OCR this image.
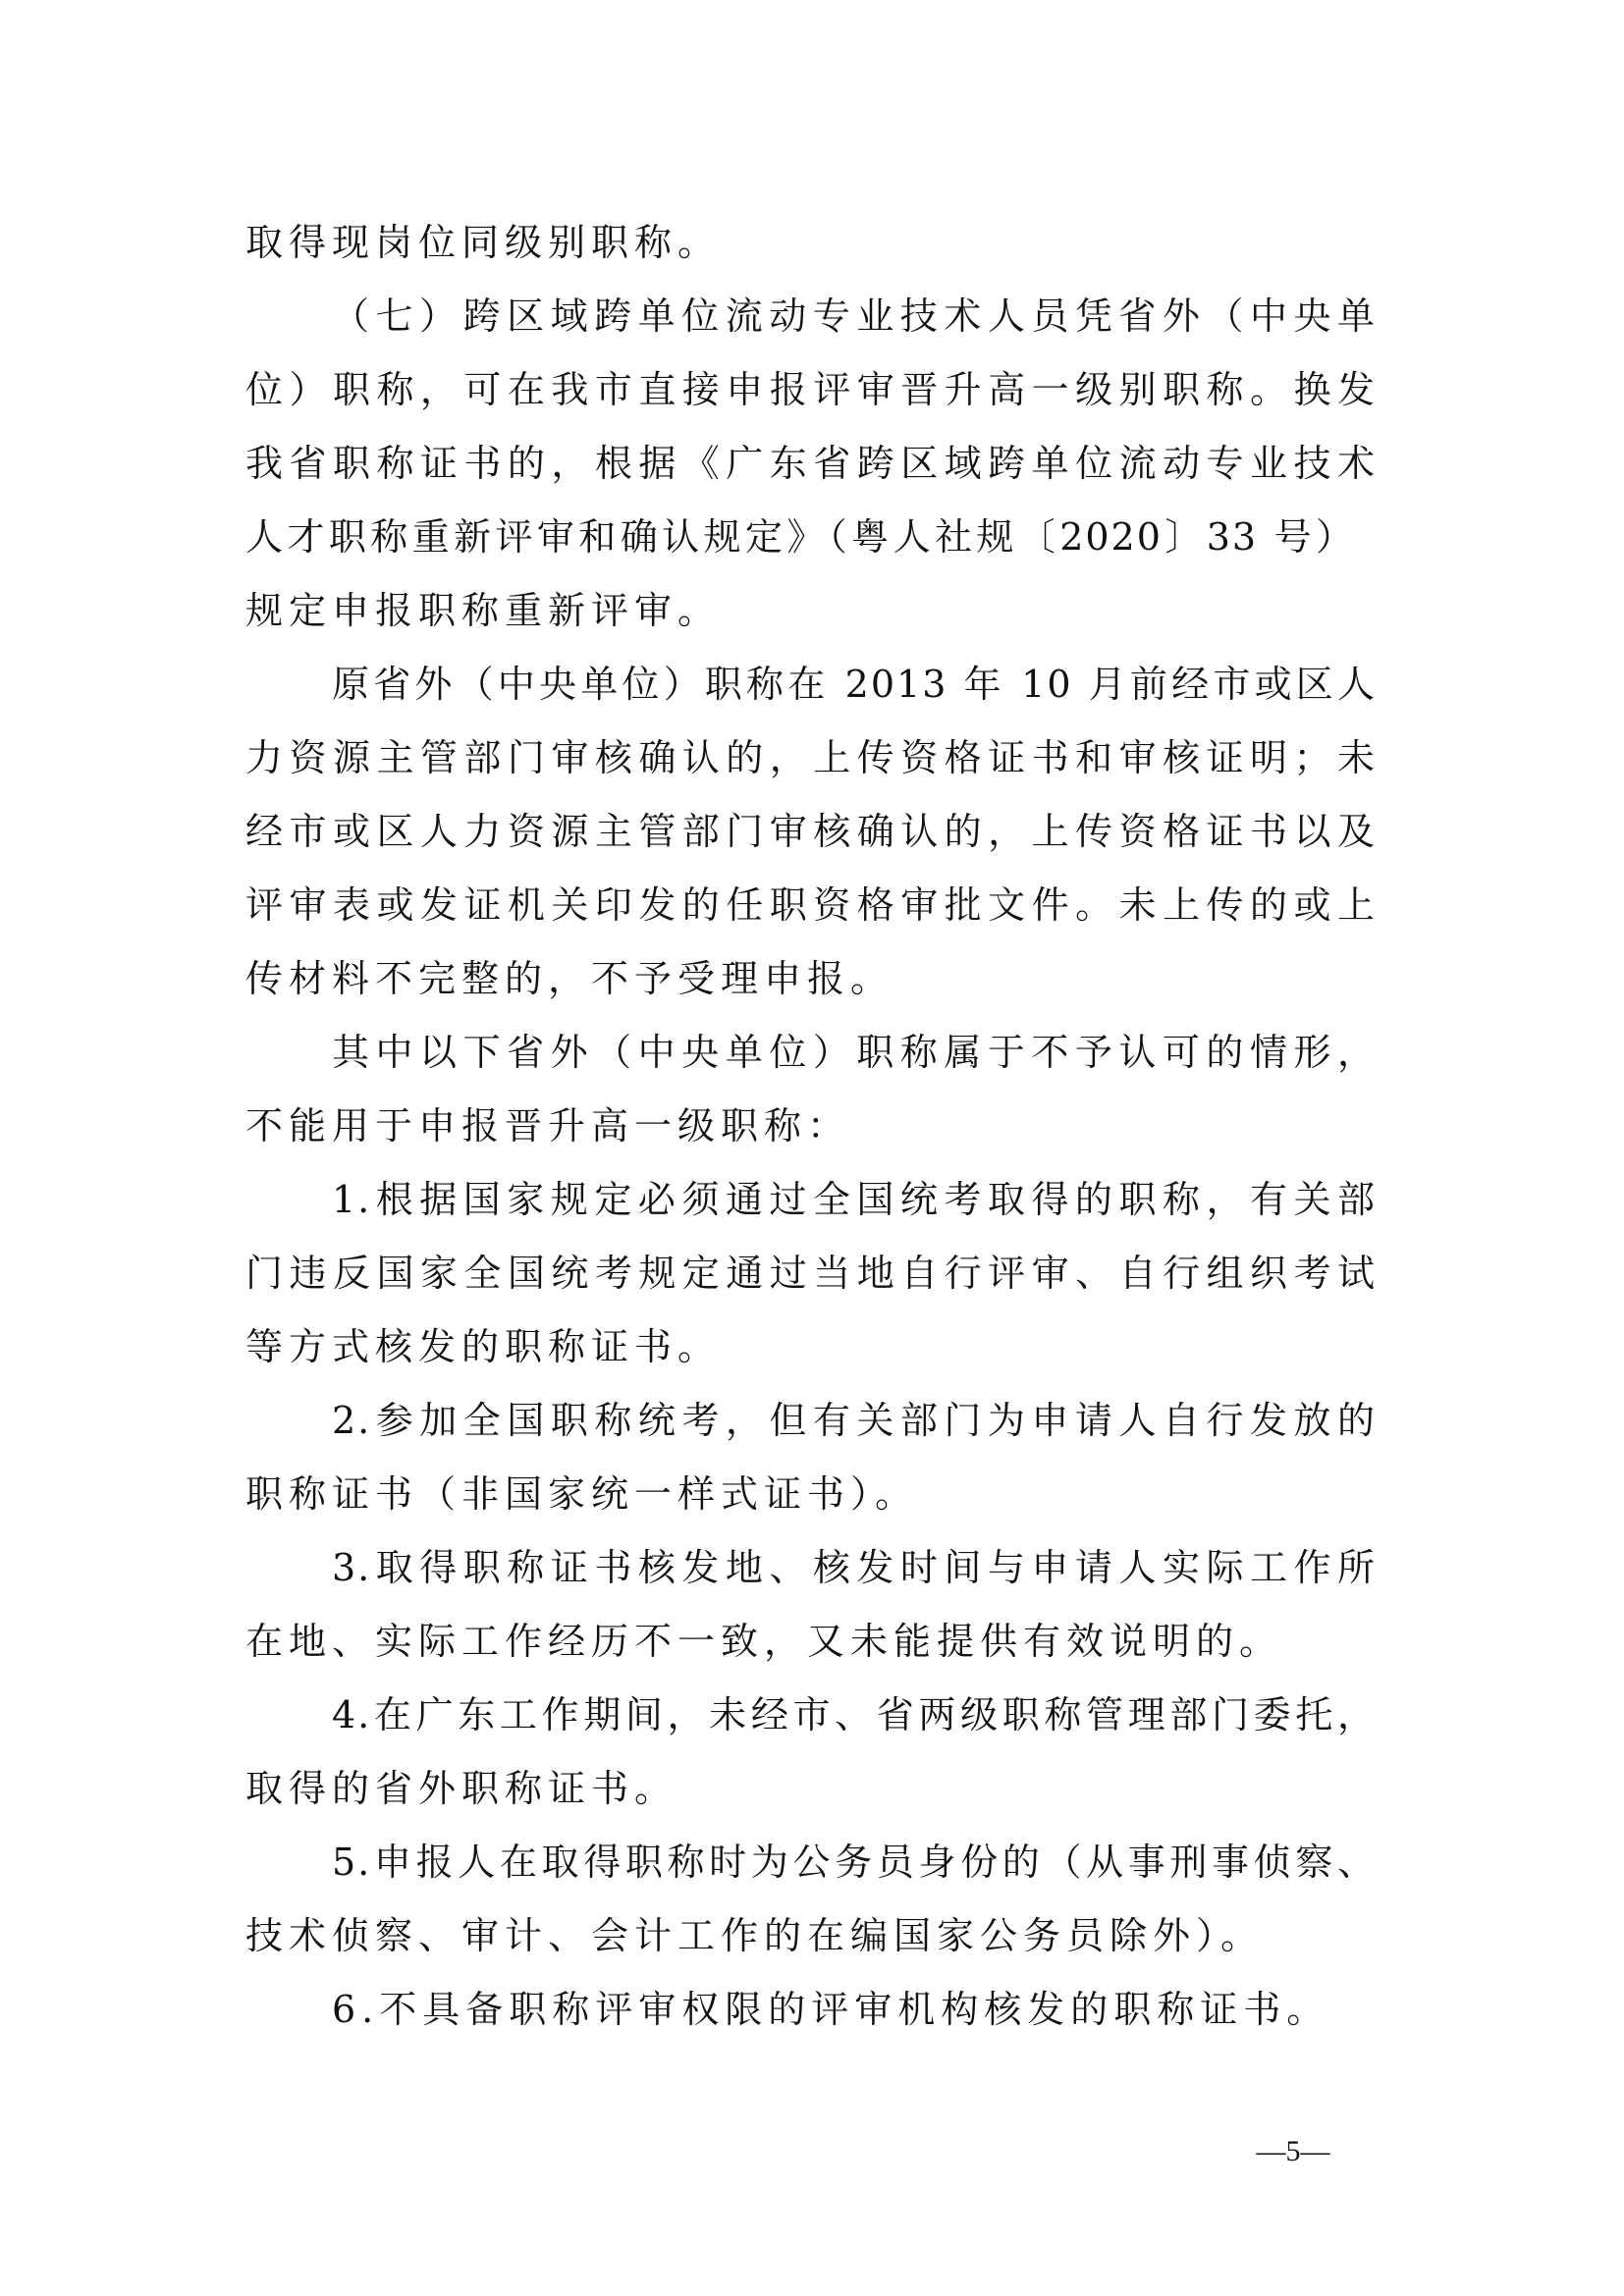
取得现岗位同级别职称。
（七）跨区域跨单位流动专业技术人员凭省外（中央单
位）职称，可在我市直接申报评审晋升高一级别职称。换发
我省职称证书的，根据《广东省跨区域跨单位流动专业技术
人才职称重新评审和确认规定》（粤人社规〔2020〕33 号）
规定申报职称重新评审。
原省外（中央单位）职称在 2013 年 10 月前经市或区人
力资源主管部门审核确认的，上传资格证书和审核证明；未
经市或区人力资源主管部门审核确认的，上传资格证书以及
评审表或发证机关印发的任职资格审批文件。未上传的或上
传材料不完整的，不予受理申报。
其中以下省外（中央单位）职称属于不予认可的情形，
不能用于申报晋升高一级职称：
1.根据国家规定必须通过全国统考取得的职称，有关部
门违反国家全国统考规定通过当地自行评审、自行组织考试
等方式核发的职称证书。
2.参加全国职称统考，但有关部门为申请人自行发放的
职称证书（非国家统一样式证书）。
3.取得职称证书核发地、核发时间与申请人实际工作所
在地、实际工作经历不一致，又未能提供有效说明的。
4.在广东工作期间，未经市、省两级职称管理部门委托，
取得的省外职称证书。
5.申报人在取得职称时为公务员身份的（从事刑事侦察、
技术侦察、审计、会计工作的在编国家公务员除外）。
6.不具备职称评审权限的评审机构核发的职称证书。
—5—
